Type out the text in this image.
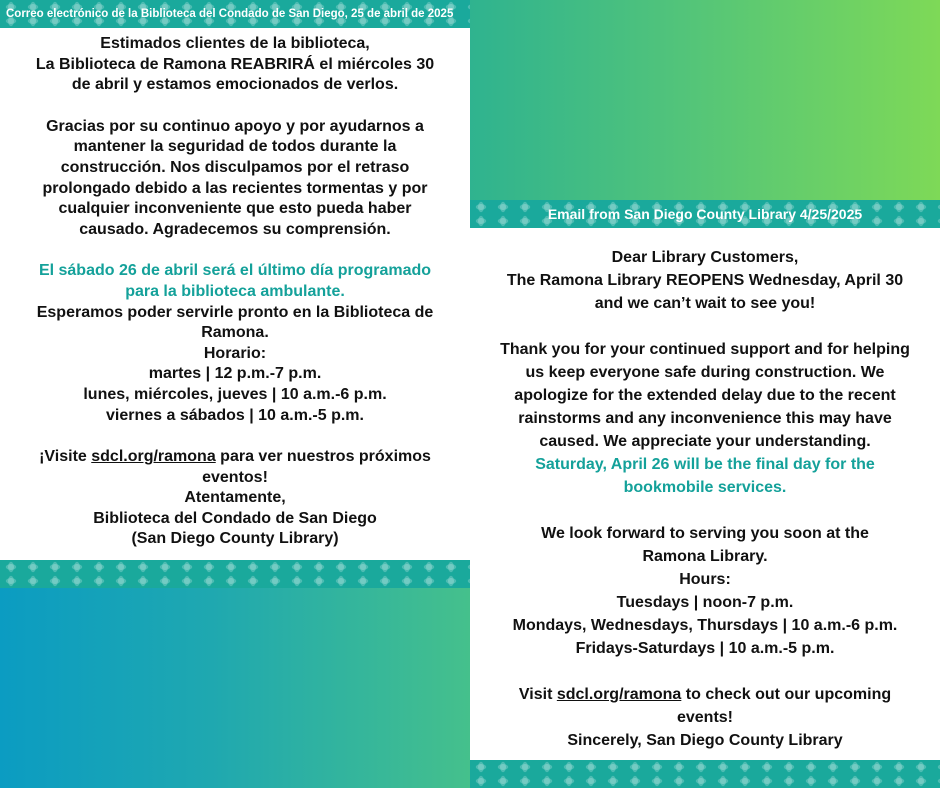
Correo electrónico de la Biblioteca del Condado de San Diego, 25 de abril de 2025

Estimados clientes de la biblioteca,

La Biblioteca de Ramona REABRIRÁ el miércoles 30

de abril y estamos emocionados de verlos.

Gracias por su continuo apoyo y por ayudarnos a

mantener la seguridad de todos durante la

construcción. Nos disculpamos por el retraso

prolongado debido a las recientes tormentas y por

cualquier inconveniente que esto pueda haber

causado. Agradecemos su comprensión.

El sábado 26 de abril será el último día programado

para la biblioteca ambulante.

Esperamos poder servirle pronto en la Biblioteca de

Ramona.

Horario:

martes | 12 p.m.-7 p.m.

lunes, miércoles, jueves | 10 a.m.-6 p.m.

viernes a sábados | 10 a.m.-5 p.m.

¡Visite sdcl.org/ramona para ver nuestros próximos

eventos!

Atentamente,

Biblioteca del Condado de San Diego

(San Diego County Library)

Email from San Diego County Library 4/25/2025

Dear Library Customers,

The Ramona Library REOPENS Wednesday, April 30

and we can’t wait to see you!

Thank you for your continued support and for helping

us keep everyone safe during construction. We

apologize for the extended delay due to the recent

rainstorms and any inconvenience this may have

caused. We appreciate your understanding.

Saturday, April 26 will be the final day for the

bookmobile services.

We look forward to serving you soon at the

Ramona Library.

Hours:

Tuesdays | noon-7 p.m.

Mondays, Wednesdays, Thursdays | 10 a.m.-6 p.m.

Fridays-Saturdays | 10 a.m.-5 p.m.

Visit sdcl.org/ramona to check out our upcoming

events!

Sincerely, San Diego County Library
